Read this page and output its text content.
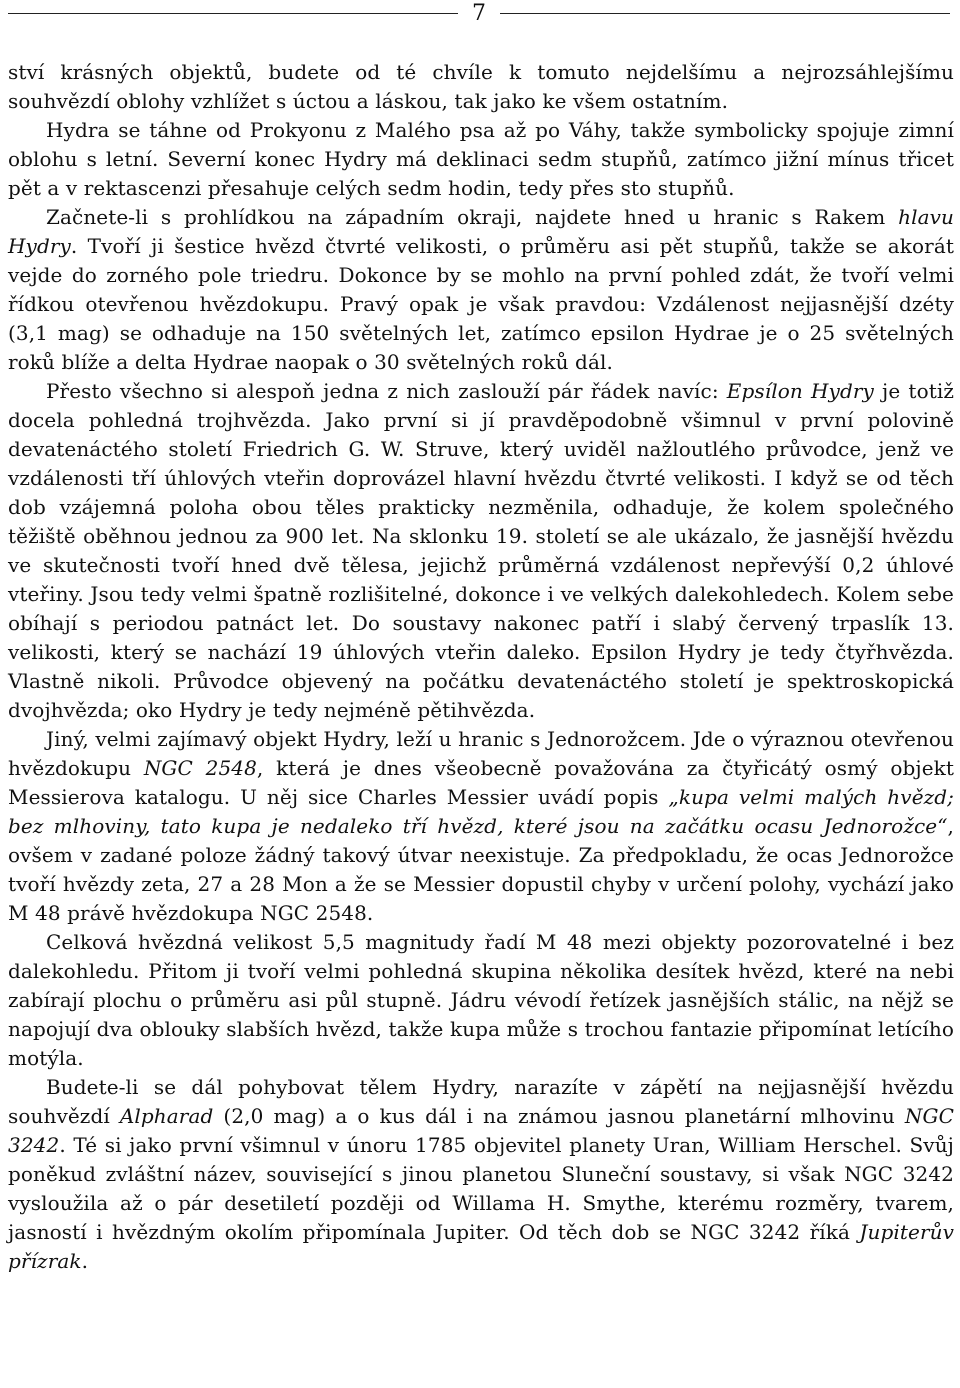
7

ství krásných objektů, budete od té chvíle k tomuto nejdelšímu a nejrozsáhlejšímu souhvězdí oblohy vzhlížet s úctou a láskou, tak jako ke všem ostatním.

Hydra se táhne od Prokyonu z Malého psa až po Váhy, takže symbolicky spojuje zimní oblohu s letní. Severní konec Hydry má deklinaci sedm stupňů, zatímco jižní mínus třicet pět a v rektascenzi přesahuje celých sedm hodin, tedy přes sto stupňů.

Začnete-li s prohlídkou na západním okraji, najdete hned u hranic s Rakem hlavu Hydry. Tvoří ji šestice hvězd čtvrté velikosti, o průměru asi pět stupňů, takže se akorát vejde do zorného pole triedru. Dokonce by se mohlo na první pohled zdát, že tvoří velmi řídkou otevřenou hvězdokupu. Pravý opak je však pravdou: Vzdálenost nejjasnější dzéty (3,1 mag) se odhaduje na 150 světelných let, zatímco epsilon Hydrae je o 25 světelných roků blíže a delta Hydrae naopak o 30 světelných roků dál.

Přesto všechno si alespoň jedna z nich zaslouží pár řádek navíc: Epsílon Hydry je totiž docela pohledná trojhvězda. Jako první si jí pravděpodobně všimnul v první polovině devatenáctého století Friedrich G. W. Struve, který uviděl nažloutlého průvodce, jenž ve vzdálenosti tří úhlových vteřin doprovázel hlavní hvězdu čtvrté velikosti. I když se od těch dob vzájemná poloha obou těles prakticky nezměnila, odhaduje, že kolem společného těžiště oběhnou jednou za 900 let. Na sklonku 19. století se ale ukázalo, že jasnější hvězdu ve skutečnosti tvoří hned dvě tělesa, jejichž průměrná vzdálenost nepřevýší 0,2 úhlové vteřiny. Jsou tedy velmi špatně rozlišitelné, dokonce i ve velkých dalekohledech. Kolem sebe obíhají s periodou patnáct let. Do soustavy nakonec patří i slabý červený trpaslík 13. velikosti, který se nachází 19 úhlových vteřin daleko. Epsilon Hydry je tedy čtyřhvězda. Vlastně nikoli. Průvodce objevený na počátku devatenáctého století je spektroskopická dvojhvězda; oko Hydry je tedy nejméně pětihvězda.

Jiný, velmi zajímavý objekt Hydry, leží u hranic s Jednorožcem. Jde o výraznou otevřenou hvězdokupu NGC 2548, která je dnes všeobecně považována za čtyřicátý osmý objekt Messierova katalogu. U něj sice Charles Messier uvádí popis „kupa velmi malých hvězd; bez mlhoviny, tato kupa je nedaleko tří hvězd, které jsou na začátku ocasu Jednorožce“, ovšem v zadané poloze žádný takový útvar neexistuje. Za předpokladu, že ocas Jednorožce tvoří hvězdy zeta, 27 a 28 Mon a že se Messier dopustil chyby v určení polohy, vychází jako M 48 právě hvězdokupa NGC 2548.

Celková hvězdná velikost 5,5 magnitudy řadí M 48 mezi objekty pozorovatelné i bez dalekohledu. Přitom ji tvoří velmi pohledná skupina několika desítek hvězd, které na nebi zabírají plochu o průměru asi půl stupně. Jádru vévodí řetízek jasnějších stálic, na nějž se napojují dva oblouky slabších hvězd, takže kupa může s trochou fantazie připomínat letícího motýla.

Budete-li se dál pohybovat tělem Hydry, narazíte v zápětí na nejjasnější hvězdu souhvězdí Alpharad (2,0 mag) a o kus dál i na známou jasnou planetární mlhovinu NGC 3242. Té si jako první všimnul v únoru 1785 objevitel planety Uran, William Herschel. Svůj poněkud zvláštní název, související s jinou planetou Sluneční soustavy, si však NGC 3242 vysloužila až o pár desetiletí později od Willama H. Smythe, kterému rozměry, tvarem, jasností i hvězdným okolím připomínala Jupiter. Od těch dob se NGC 3242 říká Jupiterův přízrak.
